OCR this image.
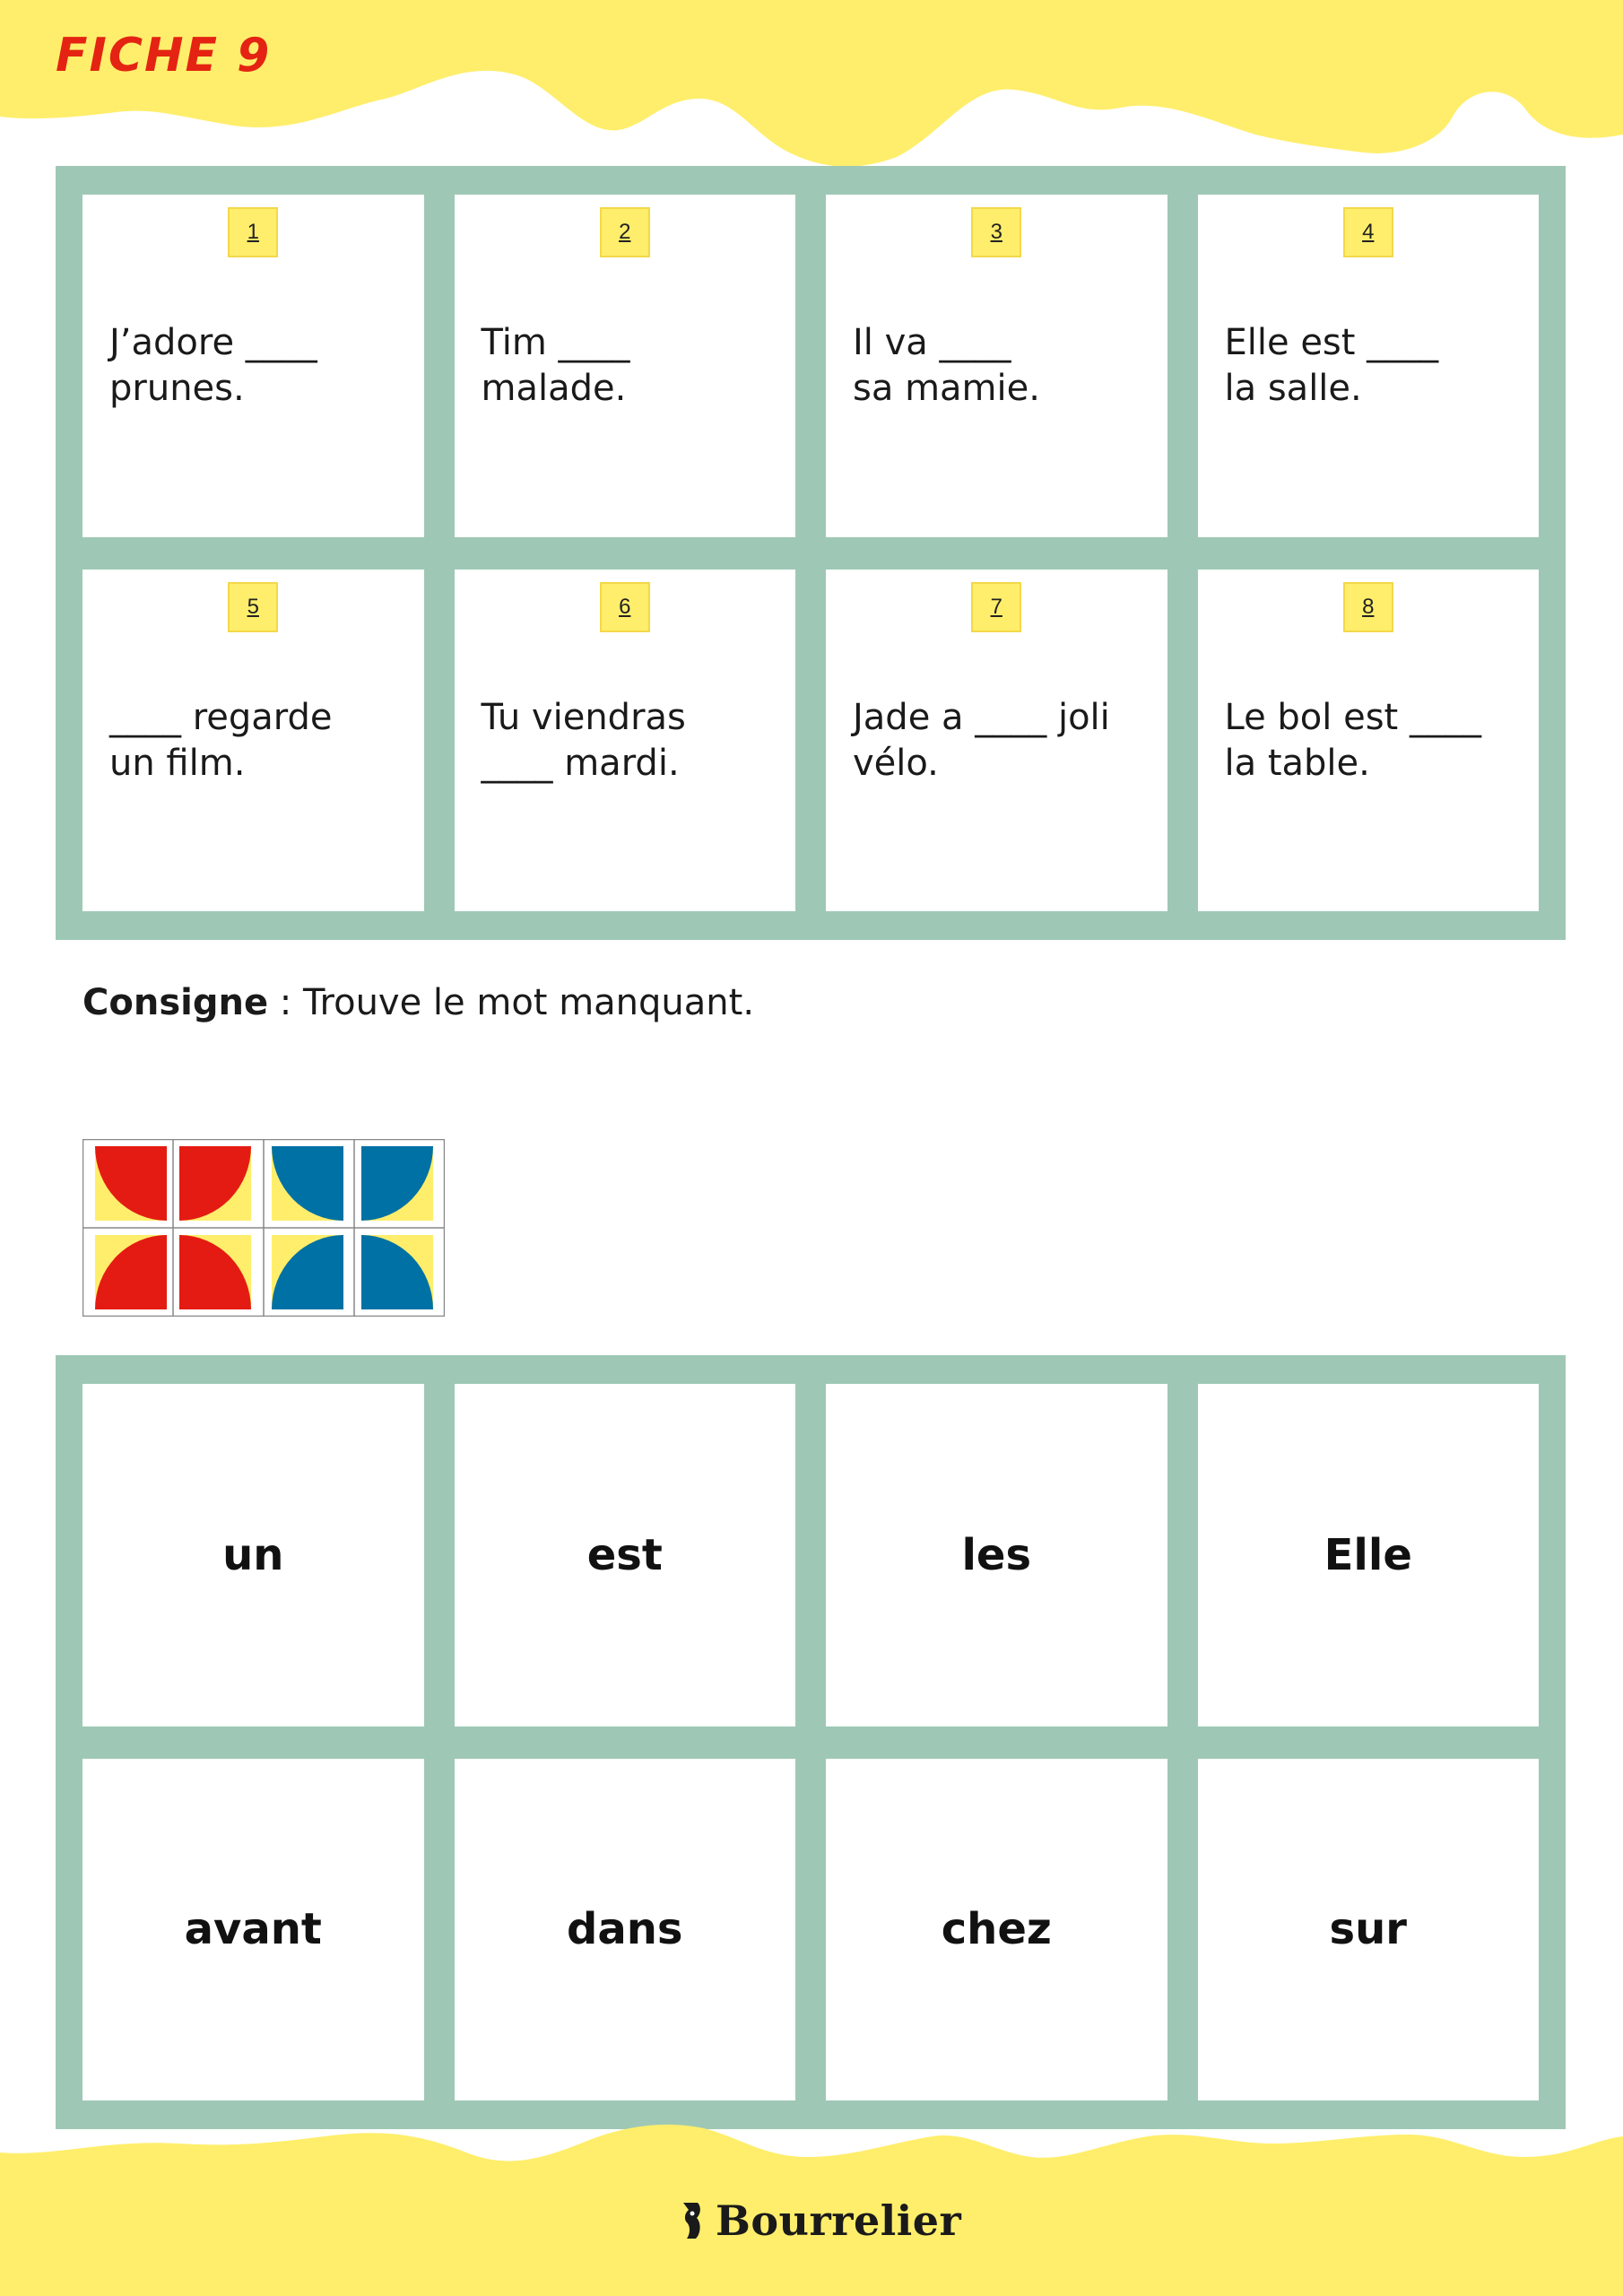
FICHE 9
1
J’adore ____
prunes.
2
Tim ____
malade.
3
Il va ____
sa mamie.
4
Elle est ____
la salle.
5
____ regarde
un film.
6
Tu viendras
____ mardi.
7
Jade a ____ joli
vélo.
8
Le bol est ____
la table.
Consigne : Trouve le mot manquant.
un	est	les	Elle
avant	dans	chez	sur
Bourrelier
